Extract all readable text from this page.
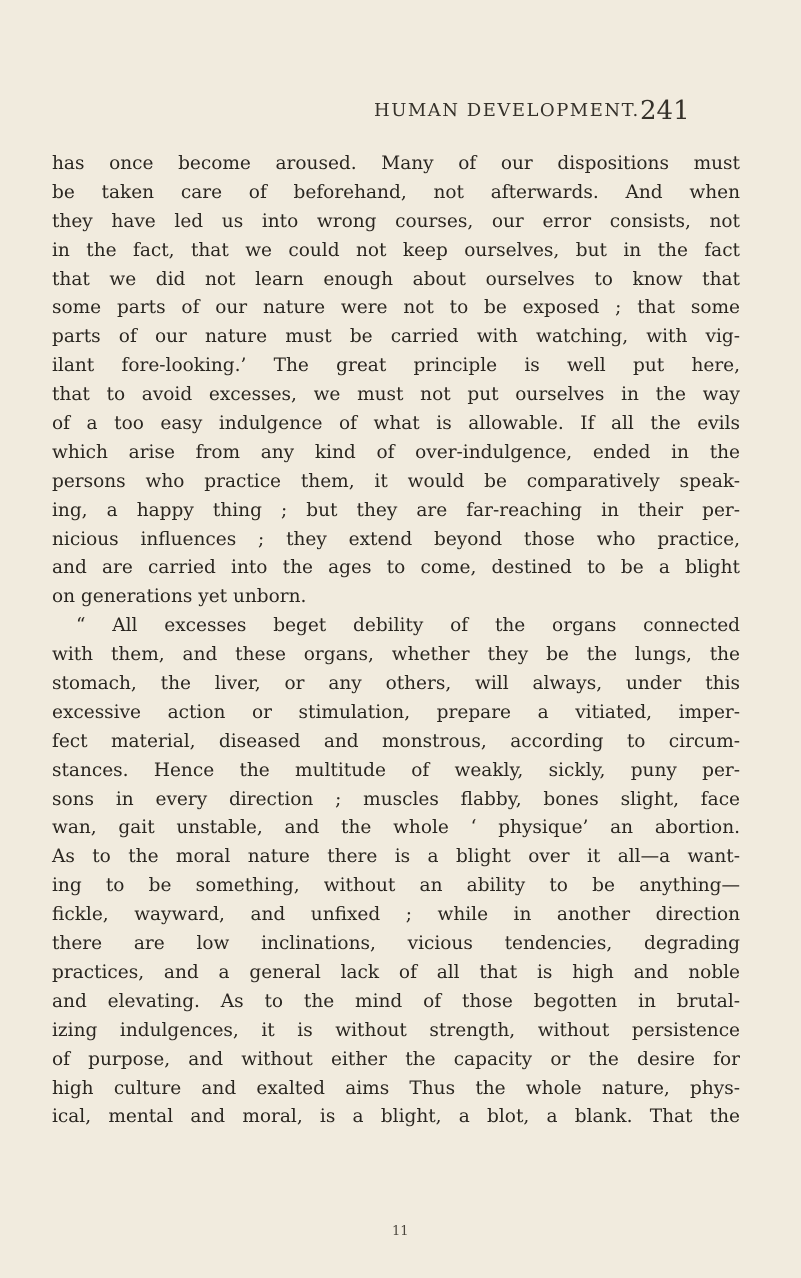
HUMAN DEVELOPMENT. 241
has once become aroused. Many of our dispositions must
be taken care of beforehand, not afterwards. And when
they have led us into wrong courses, our error consists, not
in the fact, that we could not keep ourselves, but in the fact
that we did not learn enough about ourselves to know that
some parts of our nature were not to be exposed ; that some
parts of our nature must be carried with watching, with vig-
ilant fore-looking.’ The great principle is well put here,
that to avoid excesses, we must not put ourselves in the way
of a too easy indulgence of what is allowable. If all the evils
which arise from any kind of over-indulgence, ended in the
persons who practice them, it would be comparatively speak-
ing, a happy thing ; but they are far-reaching in their per-
nicious influences ; they extend beyond those who practice,
and are carried into the ages to come, destined to be a blight
on generations yet unborn.
“ All excesses beget debility of the organs connected
with them, and these organs, whether they be the lungs, the
stomach, the liver, or any others, will always, under this
excessive action or stimulation, prepare a vitiated, imper-
fect material, diseased and monstrous, according to circum-
stances. Hence the multitude of weakly, sickly, puny per-
sons in every direction ; muscles flabby, bones slight, face
wan, gait unstable, and the whole ‘ physique’ an abortion.
As to the moral nature there is a blight over it all—a want-
ing to be something, without an ability to be anything—
fickle, wayward, and unfixed ; while in another direction
there are low inclinations, vicious tendencies, degrading
practices, and a general lack of all that is high and noble
and elevating. As to the mind of those begotten in brutal-
izing indulgences, it is without strength, without persistence
of purpose, and without either the capacity or the desire for
high culture and exalted aims Thus the whole nature, phys-
ical, mental and moral, is a blight, a blot, a blank. That the
11
